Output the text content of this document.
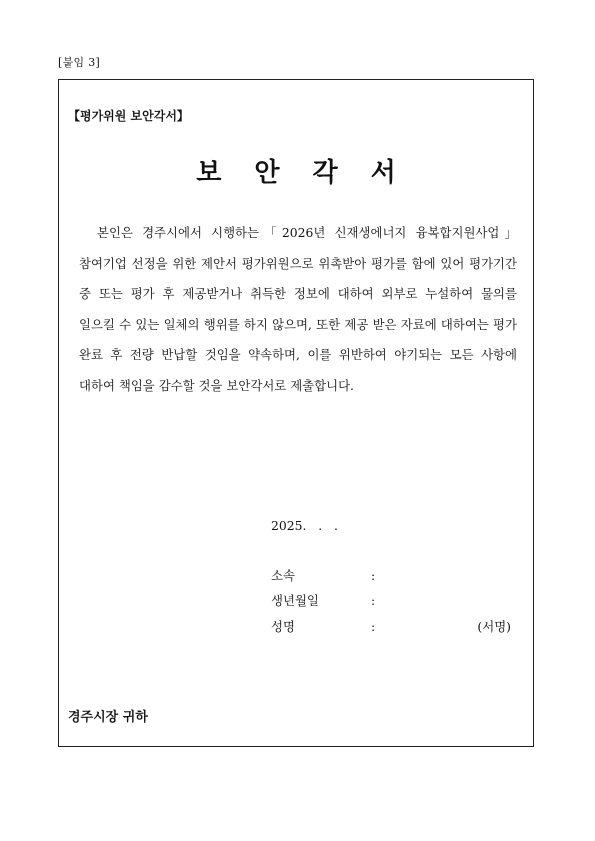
[붙임 3]
【평가위원 보안각서】
보안각서
본인은 경주시에서 시행하는「2026년 신재생에너지 융복합지원사업」 참여기업 선정을 위한 제안서 평가위원으로 위촉받아 평가를 함에 있어 평가기간 중 또는 평가 후 제공받거나 취득한 정보에 대하여 외부로 누설하여 물의를 일으킬 수 있는 일체의 행위를 하지 않으며, 또한 제공 받은 자료에 대하여는 평가 완료 후 전량 반납할 것임을 약속하며, 이를 위반하여 야기되는 모든 사항에 대하여 책임을 감수할 것을 보안각서로 제출합니다.
2025.   .   .
소속	:
생년월일	:
성명	:	(서명)
경주시장 귀하
